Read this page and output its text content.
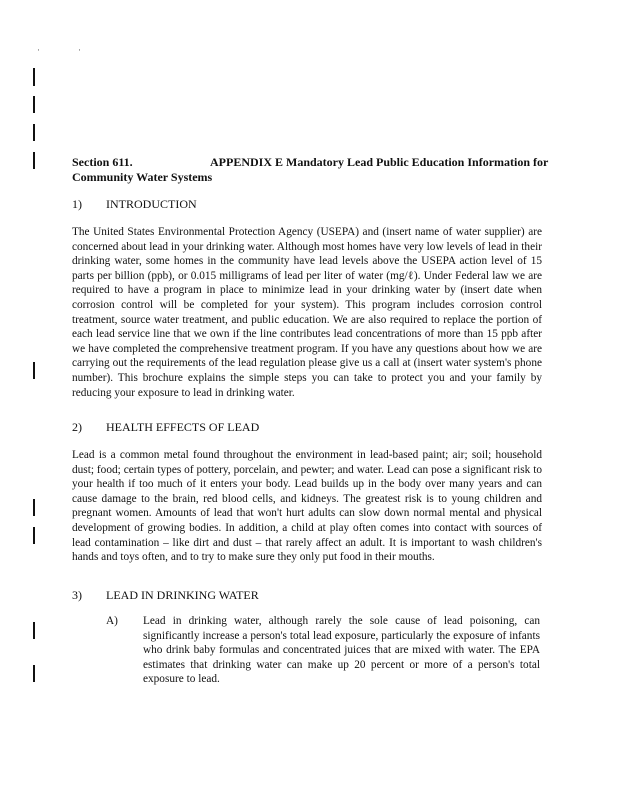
·	·
Section 611.	APPENDIX E Mandatory Lead Public Education Information for Community Water Systems
1) INTRODUCTION
The United States Environmental Protection Agency (USEPA) and (insert name of water supplier) are concerned about lead in your drinking water. Although most homes have very low levels of lead in their drinking water, some homes in the community have lead levels above the USEPA action level of 15 parts per billion (ppb), or 0.015 milligrams of lead per liter of water (mg/ℓ). Under Federal law we are required to have a program in place to minimize lead in your drinking water by (insert date when corrosion control will be completed for your system). This program includes corrosion control treatment, source water treatment, and public education. We are also required to replace the portion of each lead service line that we own if the line contributes lead concentrations of more than 15 ppb after we have completed the comprehensive treatment program. If you have any questions about how we are carrying out the requirements of the lead regulation please give us a call at (insert water system's phone number). This brochure explains the simple steps you can take to protect you and your family by reducing your exposure to lead in drinking water.
2) HEALTH EFFECTS OF LEAD
Lead is a common metal found throughout the environment in lead-based paint; air; soil; household dust; food; certain types of pottery, porcelain, and pewter; and water. Lead can pose a significant risk to your health if too much of it enters your body. Lead builds up in the body over many years and can cause damage to the brain, red blood cells, and kidneys. The greatest risk is to young children and pregnant women. Amounts of lead that won't hurt adults can slow down normal mental and physical development of growing bodies. In addition, a child at play often comes into contact with sources of lead contamination – like dirt and dust – that rarely affect an adult. It is important to wash children's hands and toys often, and to try to make sure they only put food in their mouths.
3) LEAD IN DRINKING WATER
A) Lead in drinking water, although rarely the sole cause of lead poisoning, can significantly increase a person's total lead exposure, particularly the exposure of infants who drink baby formulas and concentrated juices that are mixed with water. The EPA estimates that drinking water can make up 20 percent or more of a person's total exposure to lead.
